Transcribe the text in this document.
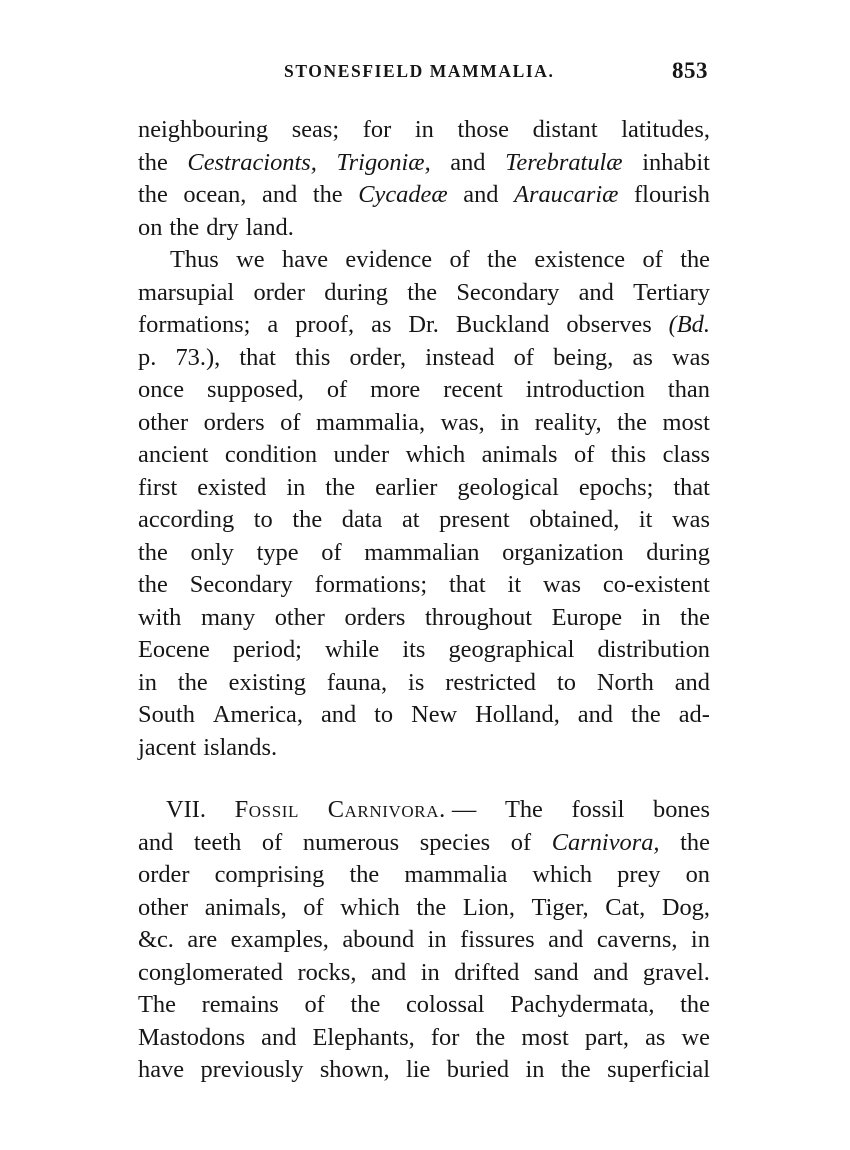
STONESFIELD MAMMALIA.	853
neighbouring seas; for in those distant latitudes,
the Cestracionts, Trigoniæ, and Terebratulæ inhabit
the ocean, and the Cycadeæ and Araucariæ flourish
on the dry land.
Thus we have evidence of the existence of the
marsupial order during the Secondary and Tertiary
formations; a proof, as Dr. Buckland observes (Bd.
p. 73.), that this order, instead of being, as was
once supposed, of more recent introduction than
other orders of mammalia, was, in reality, the most
ancient condition under which animals of this class
first existed in the earlier geological epochs; that
according to the data at present obtained, it was
the only type of mammalian organization during
the Secondary formations; that it was co-existent
with many other orders throughout Europe in the
Eocene period; while its geographical distribution
in the existing fauna, is restricted to North and
South America, and to New Holland, and the ad-
jacent islands.
VII. Fossil Carnivora. — The fossil bones
and teeth of numerous species of Carnivora, the
order comprising the mammalia which prey on
other animals, of which the Lion, Tiger, Cat, Dog,
&c. are examples, abound in fissures and caverns, in
conglomerated rocks, and in drifted sand and gravel.
The remains of the colossal Pachydermata, the
Mastodons and Elephants, for the most part, as we
have previously shown, lie buried in the superficial
